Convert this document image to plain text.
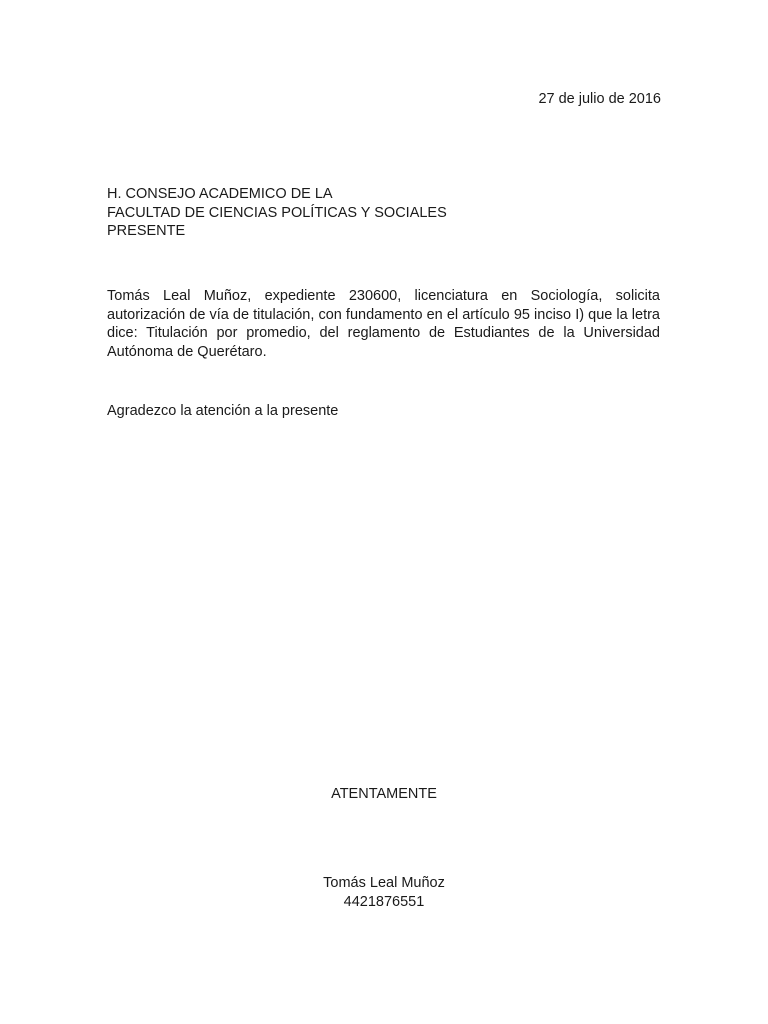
27 de julio de 2016
H. CONSEJO ACADEMICO DE LA
FACULTAD DE CIENCIAS POLÍTICAS Y SOCIALES
PRESENTE
Tomás Leal Muñoz, expediente 230600, licenciatura en Sociología, solicita autorización de vía de titulación, con fundamento en el artículo 95 inciso I) que la letra dice: Titulación por promedio, del reglamento de Estudiantes de la Universidad Autónoma de Querétaro.
Agradezco la atención a la presente
ATENTAMENTE
Tomás Leal Muñoz
4421876551
